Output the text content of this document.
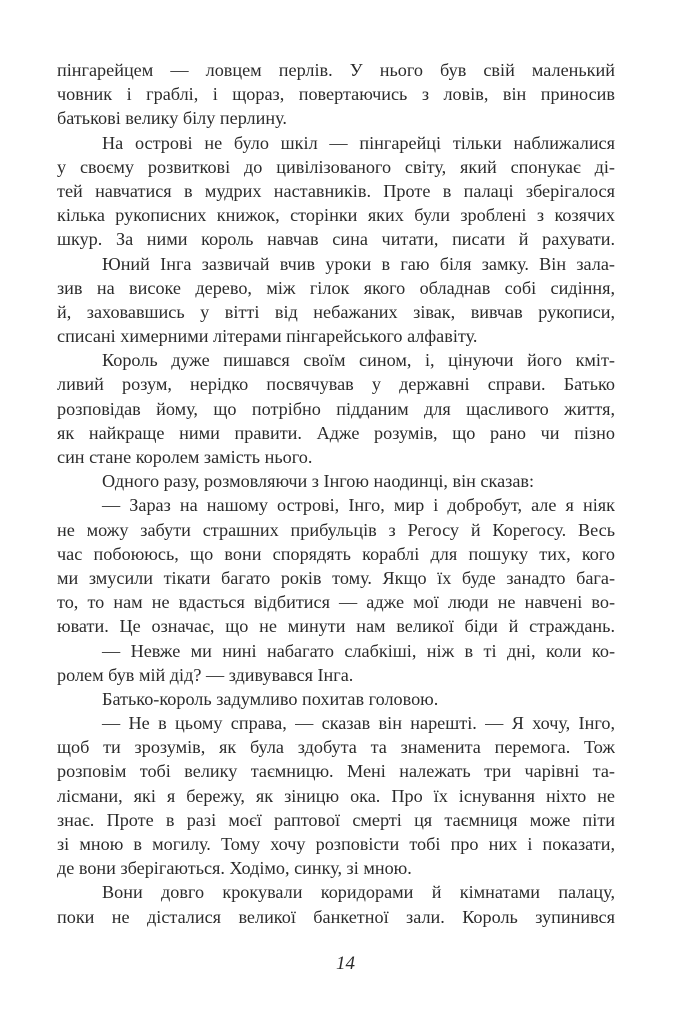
пінгарейцем — ловцем перлів. У нього був свій маленький
човник і граблі, і щораз, повертаючись з ловів, він приносив
батькові велику білу перлину.
На острові не було шкіл — пінгарейці тільки наближалися
у своєму розвиткові до цивілізованого світу, який спонукає ді-
тей навчатися в мудрих наставників. Проте в палаці зберігалося
кілька рукописних книжок, сторінки яких були зроблені з козячих
шкур. За ними король навчав сина читати, писати й рахувати.
Юний Інга зазвичай вчив уроки в гаю біля замку. Він зала-
зив на високе дерево, між гілок якого обладнав собі сидіння,
й, заховавшись у вітті від небажаних зівак, вивчав рукописи,
списані химерними літерами пінгарейського алфавіту.
Король дуже пишався своїм сином, і, цінуючи його кміт-
ливий розум, нерідко посвячував у державні справи. Батько
розповідав йому, що потрібно підданим для щасливого життя,
як найкраще ними правити. Адже розумів, що рано чи пізно
син стане королем замість нього.
Одного разу, розмовляючи з Інгою наодинці, він сказав:
— Зараз на нашому острові, Інго, мир і добробут, але я ніяк
не можу забути страшних прибульців з Регосу й Корегосу. Весь
час побоююсь, що вони спорядять кораблі для пошуку тих, кого
ми змусили тікати багато років тому. Якщо їх буде занадто бага-
то, то нам не вдасться відбитися — адже мої люди не навчені во-
ювати. Це означає, що не минути нам великої біди й страждань.
— Невже ми нині набагато слабкіші, ніж в ті дні, коли ко-
ролем був мій дід? — здивувався Інга.
Батько-король задумливо похитав головою.
— Не в цьому справа, — сказав він нарешті. — Я хочу, Інго,
щоб ти зрозумів, як була здобута та знаменита перемога. Тож
розповім тобі велику таємницю. Мені належать три чарівні та-
лісмани, які я бережу, як зіницю ока. Про їх існування ніхто не
знає. Проте в разі моєї раптової смерті ця таємниця може піти
зі мною в могилу. Тому хочу розповісти тобі про них і показати,
де вони зберігаються. Ходімо, синку, зі мною.
Вони довго крокували коридорами й кімнатами палацу,
поки не дісталися великої банкетної зали. Король зупинився
14
